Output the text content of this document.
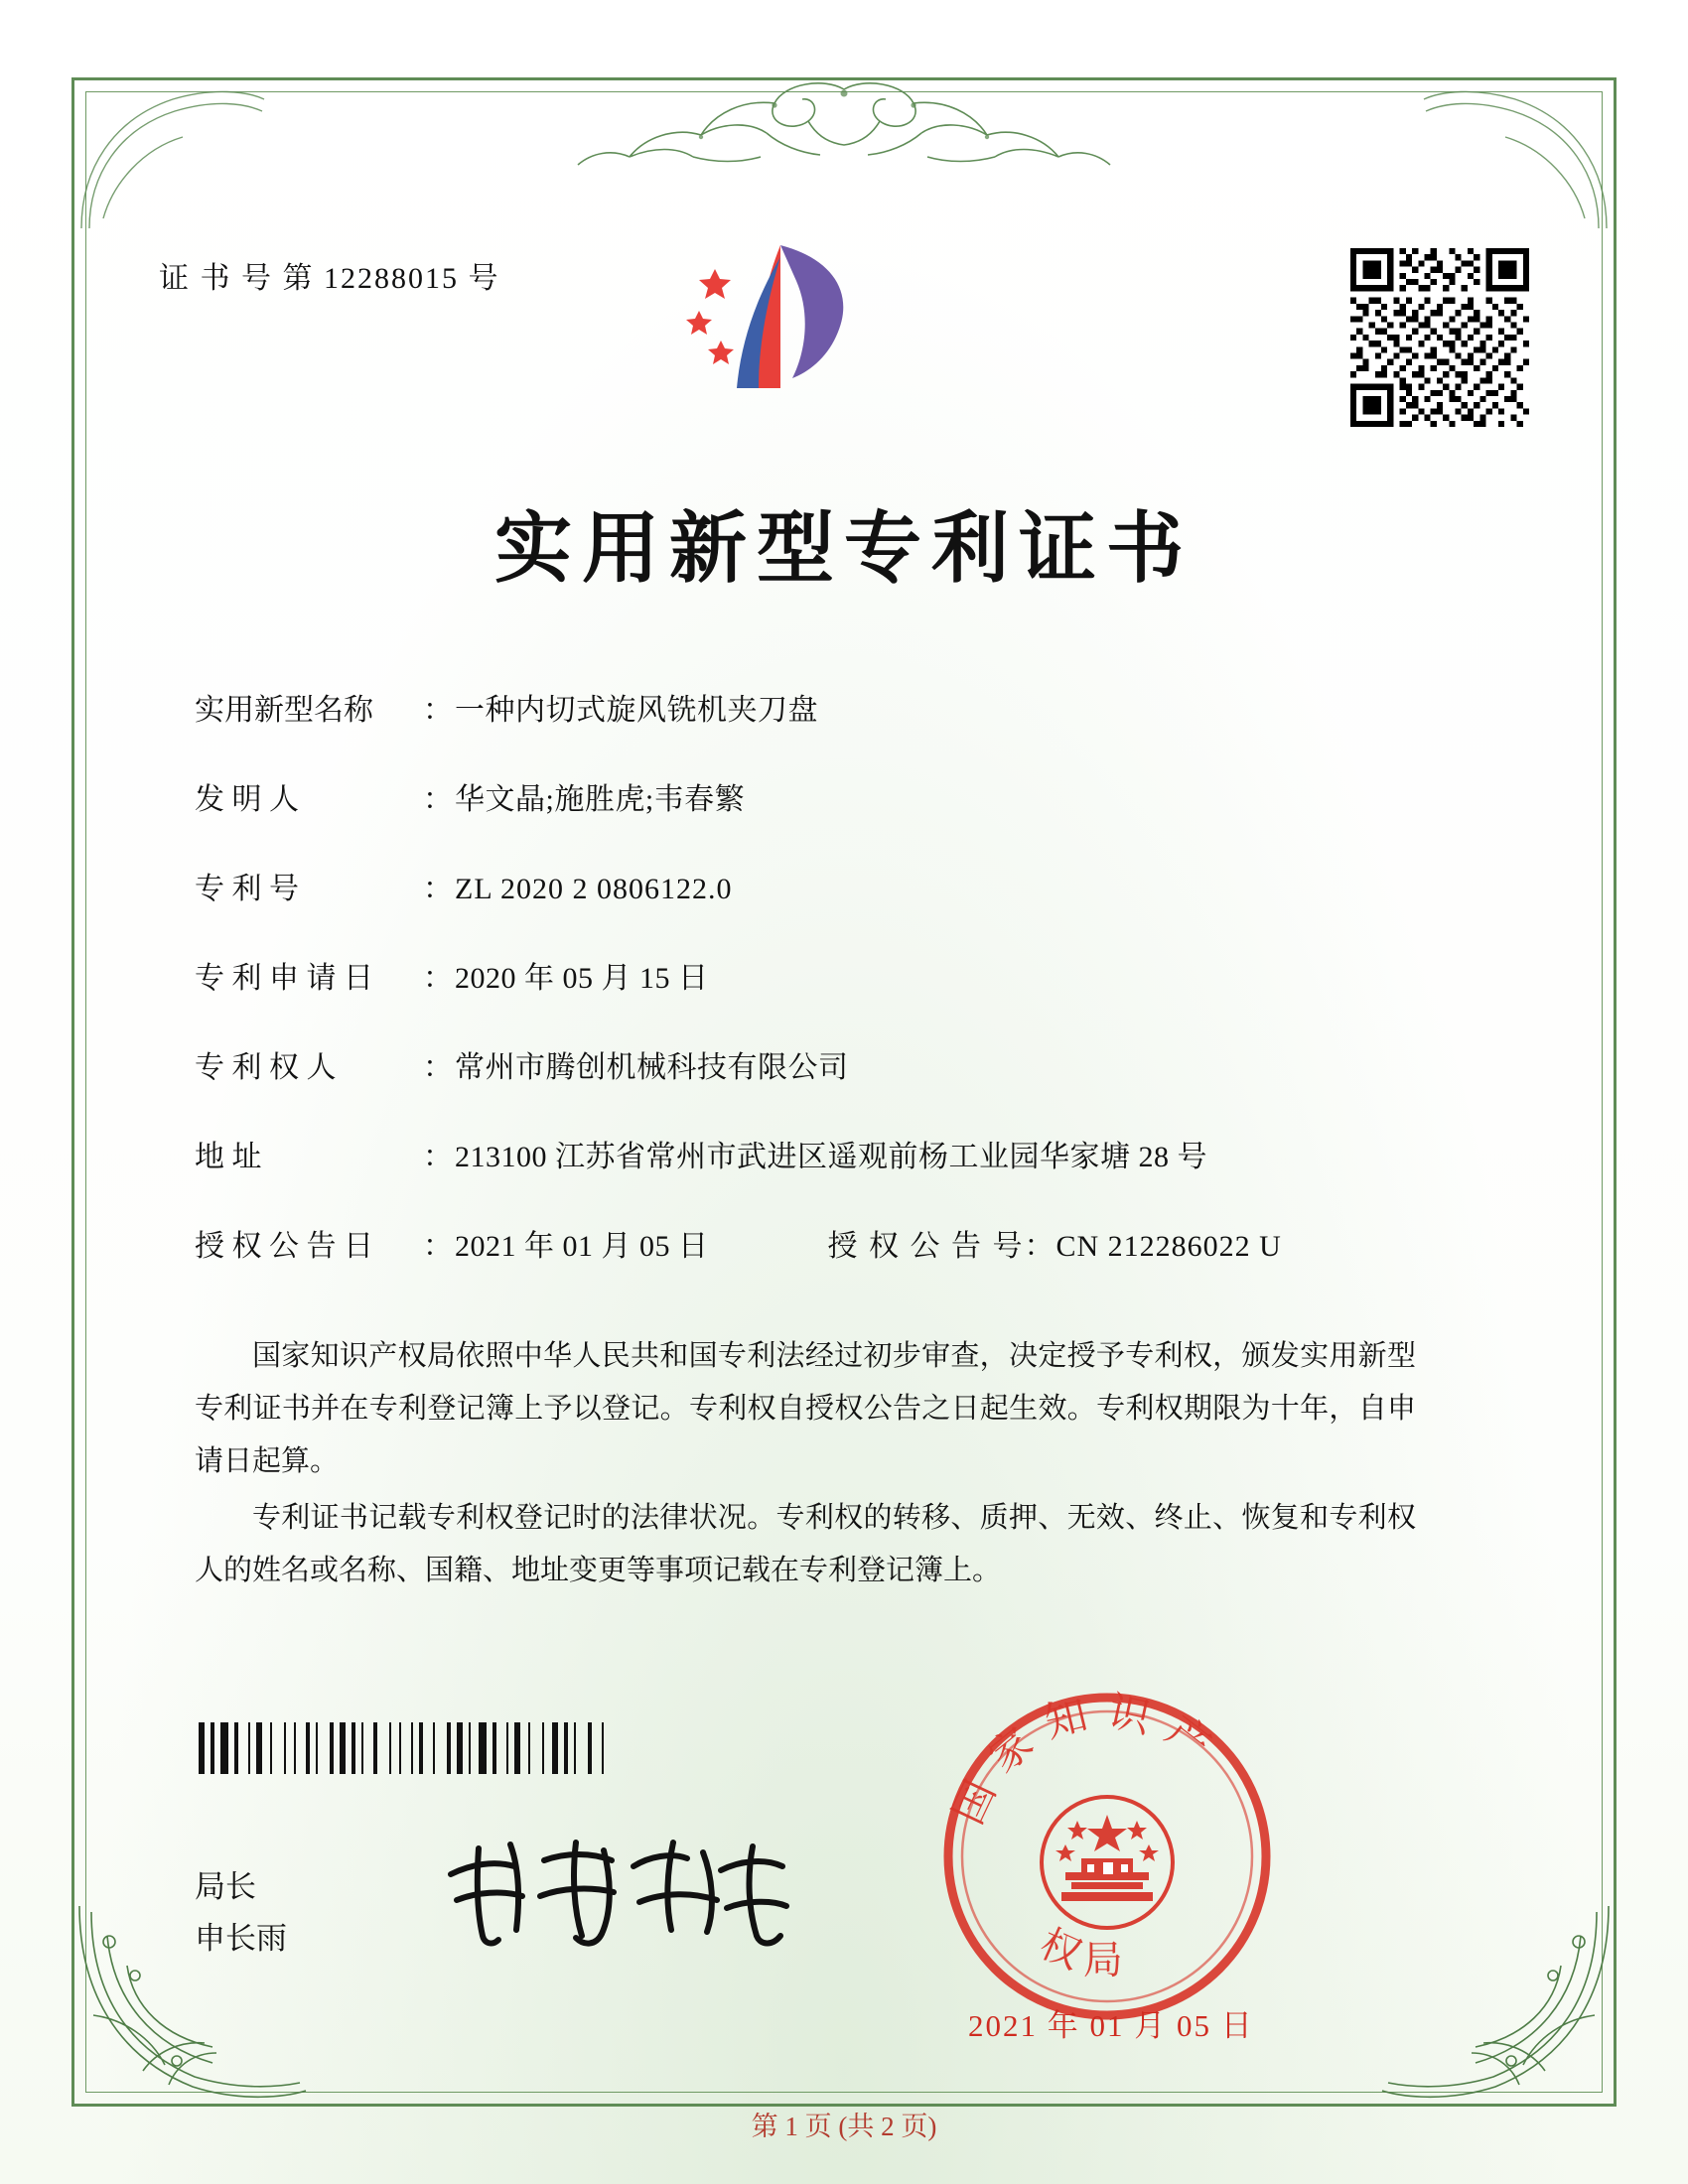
证 书 号 第 12288015 号
实用新型专利证书
实用新型名称	： 一种内切式旋风铣机夹刀盘
发 明 人	： 华文晶;施胜虎;韦春繁
专 利 号	： ZL 2020 2 0806122.0
专 利 申 请 日	： 2020 年 05 月 15 日
专 利 权 人	： 常州市腾创机械科技有限公司
地 址	： 213100 江苏省常州市武进区遥观前杨工业园华家塘 28 号
授 权 公 告 日	： 2021 年 01 月 05 日	授 权 公 告 号 ： CN 212286022 U

国家知识产权局依照中华人民共和国专利法经过初步审查，决定授予专利权，颁发实用新型专利证书并在专利登记簿上予以登记。专利权自授权公告之日起生效。专利权期限为十年，自申请日起算。

专利证书记载专利权登记时的法律状况。专利权的转移、质押、无效、终止、恢复和专利权人的姓名或名称、国籍、地址变更等事项记载在专利登记簿上。

局长
申长雨
国家知识产
权局
2021 年 01 月 05 日
第 1 页 (共 2 页)
